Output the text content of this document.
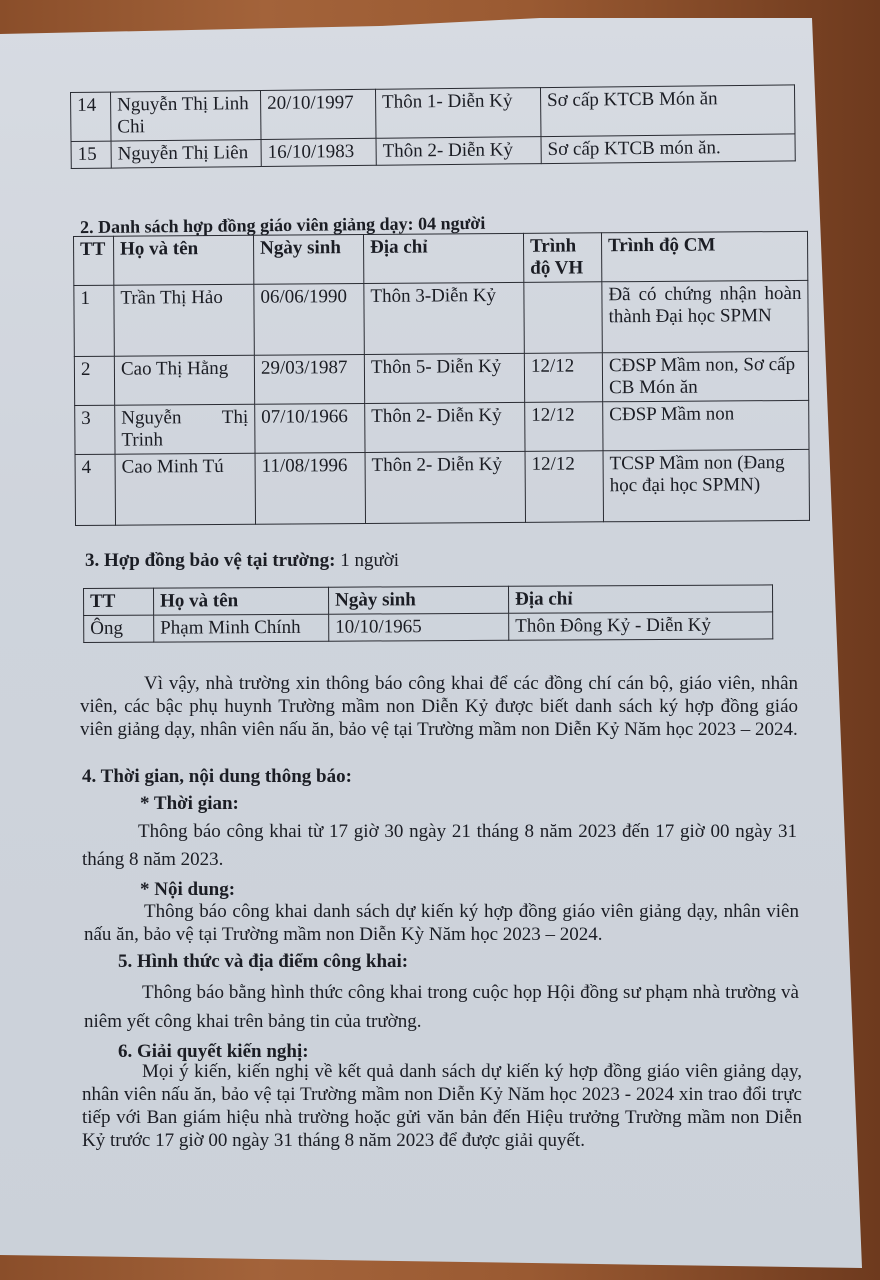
14	Nguyễn Thị Linh Chi	20/10/1997	Thôn 1- Diễn Kỷ	Sơ cấp KTCB Món ăn
15	Nguyễn Thị Liên	16/10/1983	Thôn 2- Diễn Kỷ	Sơ cấp KTCB món ăn.
2. Danh sách hợp đồng giáo viên giảng dạy: 04 người
TT	Họ và tên	Ngày sinh	Địa chỉ	Trình độ VH	Trình độ CM
1	Trần Thị Hảo	06/06/1990	Thôn 3-Diễn Kỷ		Đã có chứng nhận hoàn thành Đại học SPMN
2	Cao Thị Hằng	29/03/1987	Thôn 5- Diễn Kỷ	12/12	CĐSP Mầm non, Sơ cấp CB Món ăn
3	Nguyễn Thị Trinh	07/10/1966	Thôn 2- Diễn Kỷ	12/12	CĐSP Mầm non
4	Cao Minh Tú	11/08/1996	Thôn 2- Diễn Kỷ	12/12	TCSP Mầm non (Đang học đại học SPMN)
3. Hợp đồng bảo vệ tại trường: 1 người
TT	Họ và tên	Ngày sinh	Địa chỉ
Ông	Phạm Minh Chính	10/10/1965	Thôn Đông Kỷ - Diễn Kỷ
Vì vậy, nhà trường xin thông báo công khai để các đồng chí cán bộ, giáo viên, nhân viên, các bậc phụ huynh Trường mầm non Diễn Kỷ được biết danh sách ký hợp đồng giáo viên giảng dạy, nhân viên nấu ăn, bảo vệ tại Trường mầm non Diễn Kỷ Năm học 2023 – 2024.
4. Thời gian, nội dung thông báo:
* Thời gian:
Thông báo công khai từ 17 giờ 30 ngày 21 tháng 8 năm 2023 đến 17 giờ 00 ngày 31 tháng 8 năm 2023.
* Nội dung:
Thông báo công khai danh sách dự kiến ký hợp đồng giáo viên giảng dạy, nhân viên nấu ăn, bảo vệ tại Trường mầm non Diễn Kỳ Năm học 2023 – 2024.
5. Hình thức và địa điểm công khai:
Thông báo bằng hình thức công khai trong cuộc họp Hội đồng sư phạm nhà trường và niêm yết công khai trên bảng tin của trường.
6. Giải quyết kiến nghị:
Mọi ý kiến, kiến nghị về kết quả danh sách dự kiến ký hợp đồng giáo viên giảng dạy, nhân viên nấu ăn, bảo vệ tại Trường mầm non Diễn Kỷ Năm học 2023 - 2024 xin trao đổi trực tiếp với Ban giám hiệu nhà trường hoặc gửi văn bản đến Hiệu trưởng Trường mầm non Diễn Kỷ trước 17 giờ 00 ngày 31 tháng 8 năm 2023 để được giải quyết.
